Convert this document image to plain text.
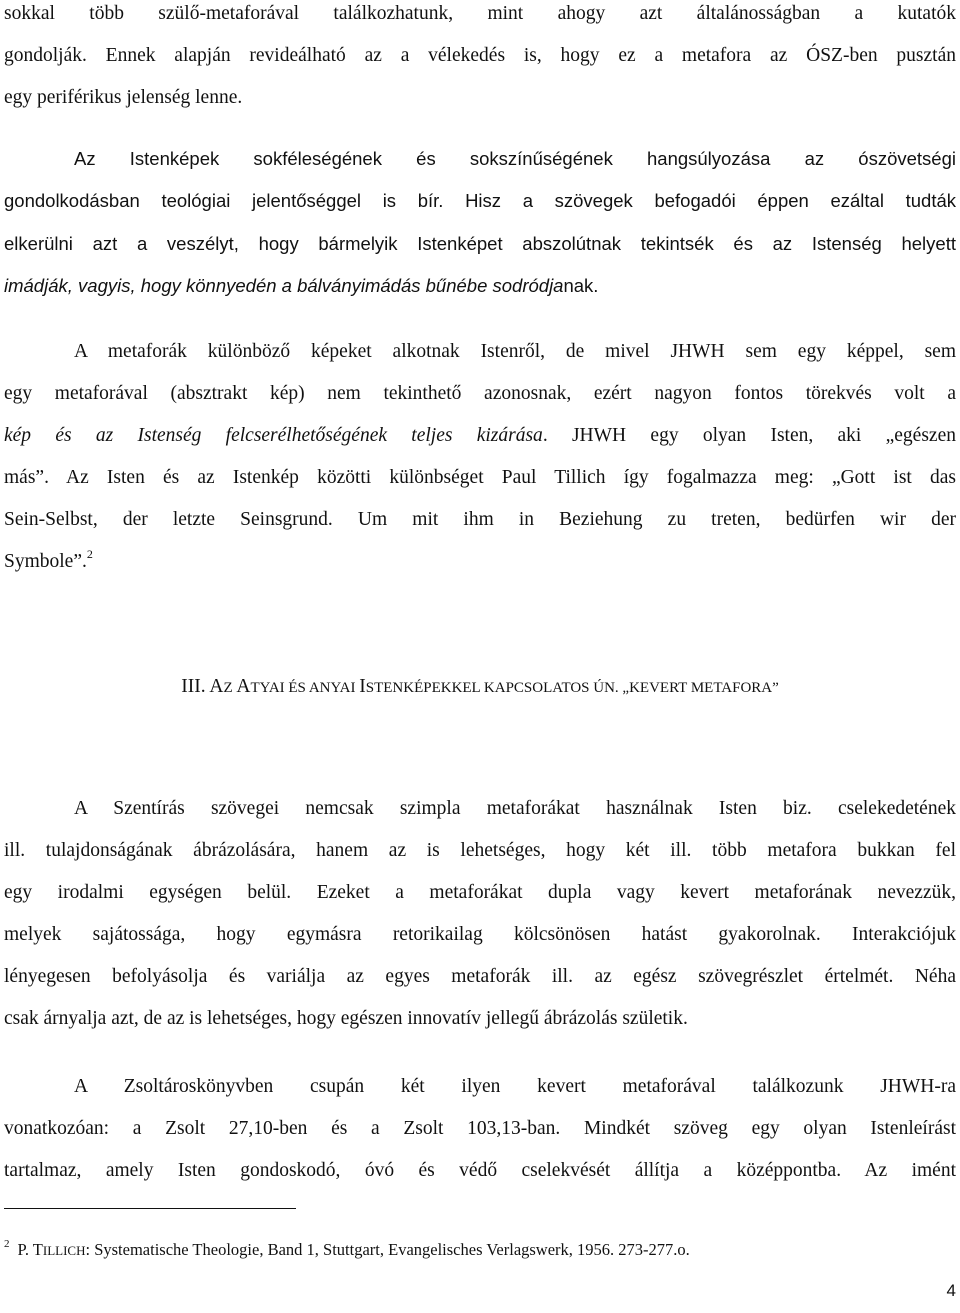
sokkal több szülő-metaforával találkozhatunk, mint ahogy azt általánosságban a kutatók
gondolják. Ennek alapján revideálható az a vélekedés is, hogy ez a metafora az ÓSZ-ben pusztán
egy periférikus jelenség lenne.
Az Istenképek sokféleségének és sokszínűségének hangsúlyozása az ószövetségi
gondolkodásban teológiai jelentőséggel is bír. Hisz a szövegek befogadói éppen ezáltal tudták
elkerülni azt a veszélyt, hogy bármelyik Istenképet abszolútnak tekintsék és az Istenség helyett
imádják, vagyis, hogy könnyedén a bálványimádás bűnébe sodródjanak.
A metaforák különböző képeket alkotnak Istenről, de mivel JHWH sem egy képpel, sem
egy metaforával (absztrakt kép) nem tekinthető azonosnak, ezért nagyon fontos törekvés volt a
kép és az Istenség felcserélhetőségének teljes kizárása. JHWH egy olyan Isten, aki „egészen
más”. Az Isten és az Istenkép közötti különbséget Paul Tillich így fogalmazza meg: „Gott ist das
Sein-Selbst, der letzte Seinsgrund. Um mit ihm in Beziehung zu treten, bedürfen wir der
Symbole”.$^2$
III. AZ ATYAI ÉS ANYAI ISTENKÉPEKKEL KAPCSOLATOS ÚN. „KEVERT METAFORA”
A Szentírás szövegei nemcsak szimpla metaforákat használnak Isten biz. cselekedetének
ill. tulajdonságának ábrázolására, hanem az is lehetséges, hogy két ill. több metafora bukkan fel
egy irodalmi egységen belül. Ezeket a metaforákat dupla vagy kevert metaforának nevezzük,
melyek sajátossága, hogy egymásra retorikailag kölcsönösen hatást gyakorolnak. Interakciójuk
lényegesen befolyásolja és variálja az egyes metaforák ill. az egész szövegrészlet értelmét. Néha
csak árnyalja azt, de az is lehetséges, hogy egészen innovatív jellegű ábrázolás születik.
A Zsoltároskönyvben csupán két ilyen kevert metaforával találkozunk JHWH-ra
vonatkozóan: a Zsolt 27,10-ben és a Zsolt 103,13-ban. Mindkét szöveg egy olyan Istenleírást
tartalmaz, amely Isten gondoskodó, óvó és védő cselekvését állítja a középpontba. Az imént
$^2$ P. TILLICH: Systematische Theologie, Band 1, Stuttgart, Evangelisches Verlagswerk, 1956. 273-277.o.
4
